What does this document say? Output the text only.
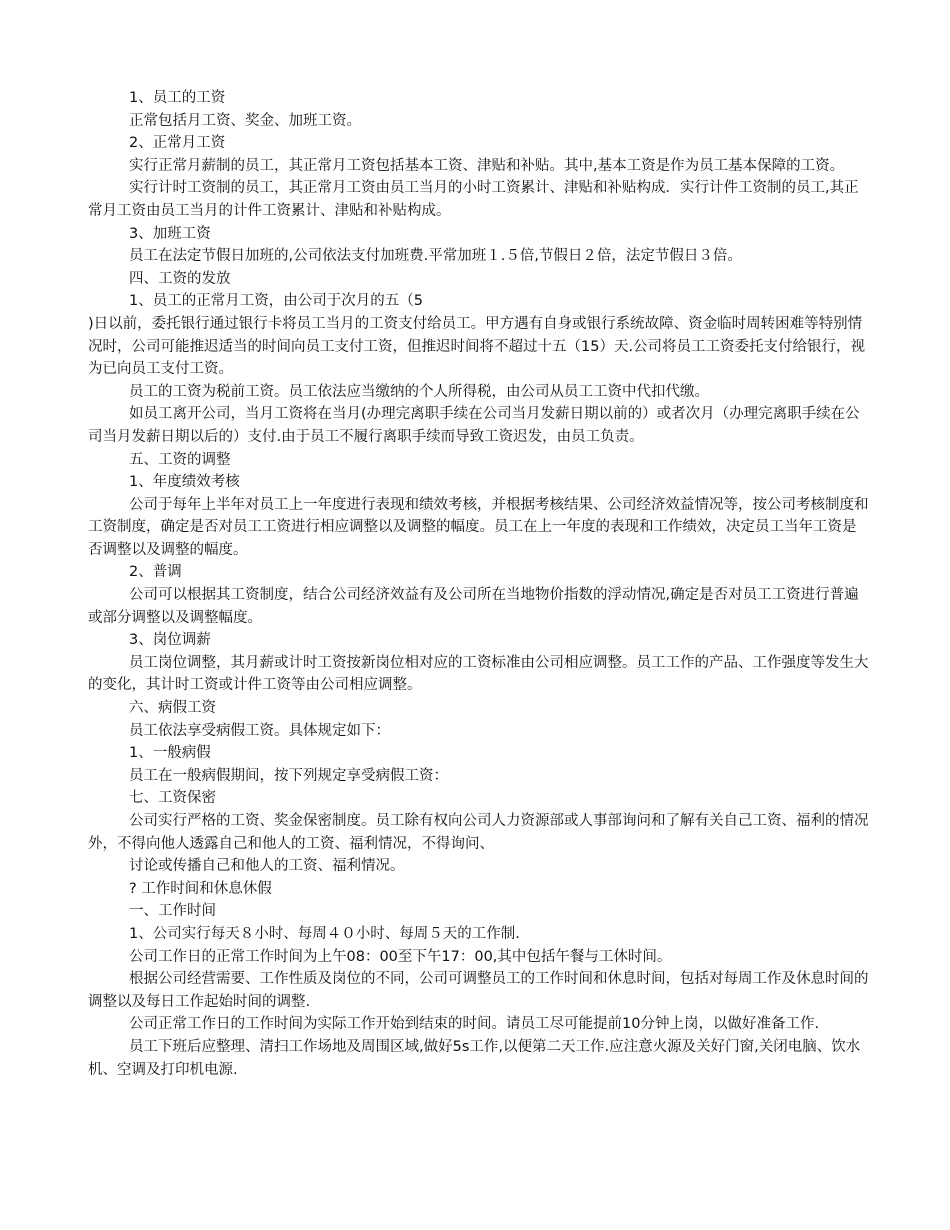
1、员工的工资

正常包括月工资、奖金、加班工资。

2、正常月工资

实行正常月薪制的员工，其正常月工资包括基本工资、津贴和补贴。其中,基本工资是作为员工基本保障的工资。

实行计时工资制的员工，其正常月工资由员工当月的小时工资累计、津贴和补贴构成．实行计件工资制的员工,其正常月工资由员工当月的计件工资累计、津贴和补贴构成。

3、加班工资

员工在法定节假日加班的,公司依法支付加班费.平常加班１.５倍,节假日２倍，法定节假日３倍。

四、工资的发放

1、员工的正常月工资，由公司于次月的五（5

)日以前，委托银行通过银行卡将员工当月的工资支付给员工。甲方遇有自身或银行系统故障、资金临时周转困难等特别情况时，公司可能推迟适当的时间向员工支付工资，但推迟时间将不超过十五（15）天.公司将员工工资委托支付给银行，视为已向员工支付工资。

员工的工资为税前工资。员工依法应当缴纳的个人所得税，由公司从员工工资中代扣代缴。

如员工离开公司，当月工资将在当月(办理完离职手续在公司当月发薪日期以前的）或者次月（办理完离职手续在公司当月发薪日期以后的）支付.由于员工不履行离职手续而导致工资迟发，由员工负责。

五、工资的调整

1、年度绩效考核

公司于每年上半年对员工上一年度进行表现和绩效考核，并根据考核结果、公司经济效益情况等，按公司考核制度和工资制度，确定是否对员工工资进行相应调整以及调整的幅度。员工在上一年度的表现和工作绩效，决定员工当年工资是否调整以及调整的幅度。

2、普调

公司可以根据其工资制度，结合公司经济效益有及公司所在当地物价指数的浮动情况,确定是否对员工工资进行普遍或部分调整以及调整幅度。

3、岗位调薪

员工岗位调整，其月薪或计时工资按新岗位相对应的工资标准由公司相应调整。员工工作的产品、工作强度等发生大的变化，其计时工资或计件工资等由公司相应调整。

六、病假工资

员工依法享受病假工资。具体规定如下：

1、一般病假

员工在一般病假期间，按下列规定享受病假工资：

七、工资保密

公司实行严格的工资、奖金保密制度。员工除有权向公司人力资源部或人事部询问和了解有关自己工资、福利的情况外，不得向他人透露自己和他人的工资、福利情况，不得询问、

讨论或传播自己和他人的工资、福利情况。

? 工作时间和休息休假

一、工作时间

1、公司实行每天８小时、每周４０小时、每周５天的工作制.

公司工作日的正常工作时间为上午08：00至下午17：00,其中包括午餐与工休时间。

根据公司经营需要、工作性质及岗位的不同，公司可调整员工的工作时间和休息时间，包括对每周工作及休息时间的调整以及每日工作起始时间的调整.

公司正常工作日的工作时间为实际工作开始到结束的时间。请员工尽可能提前10分钟上岗，以做好准备工作.

员工下班后应整理、清扫工作场地及周围区域,做好5s工作,以便第二天工作.应注意火源及关好门窗,关闭电脑、饮水机、空调及打印机电源.
